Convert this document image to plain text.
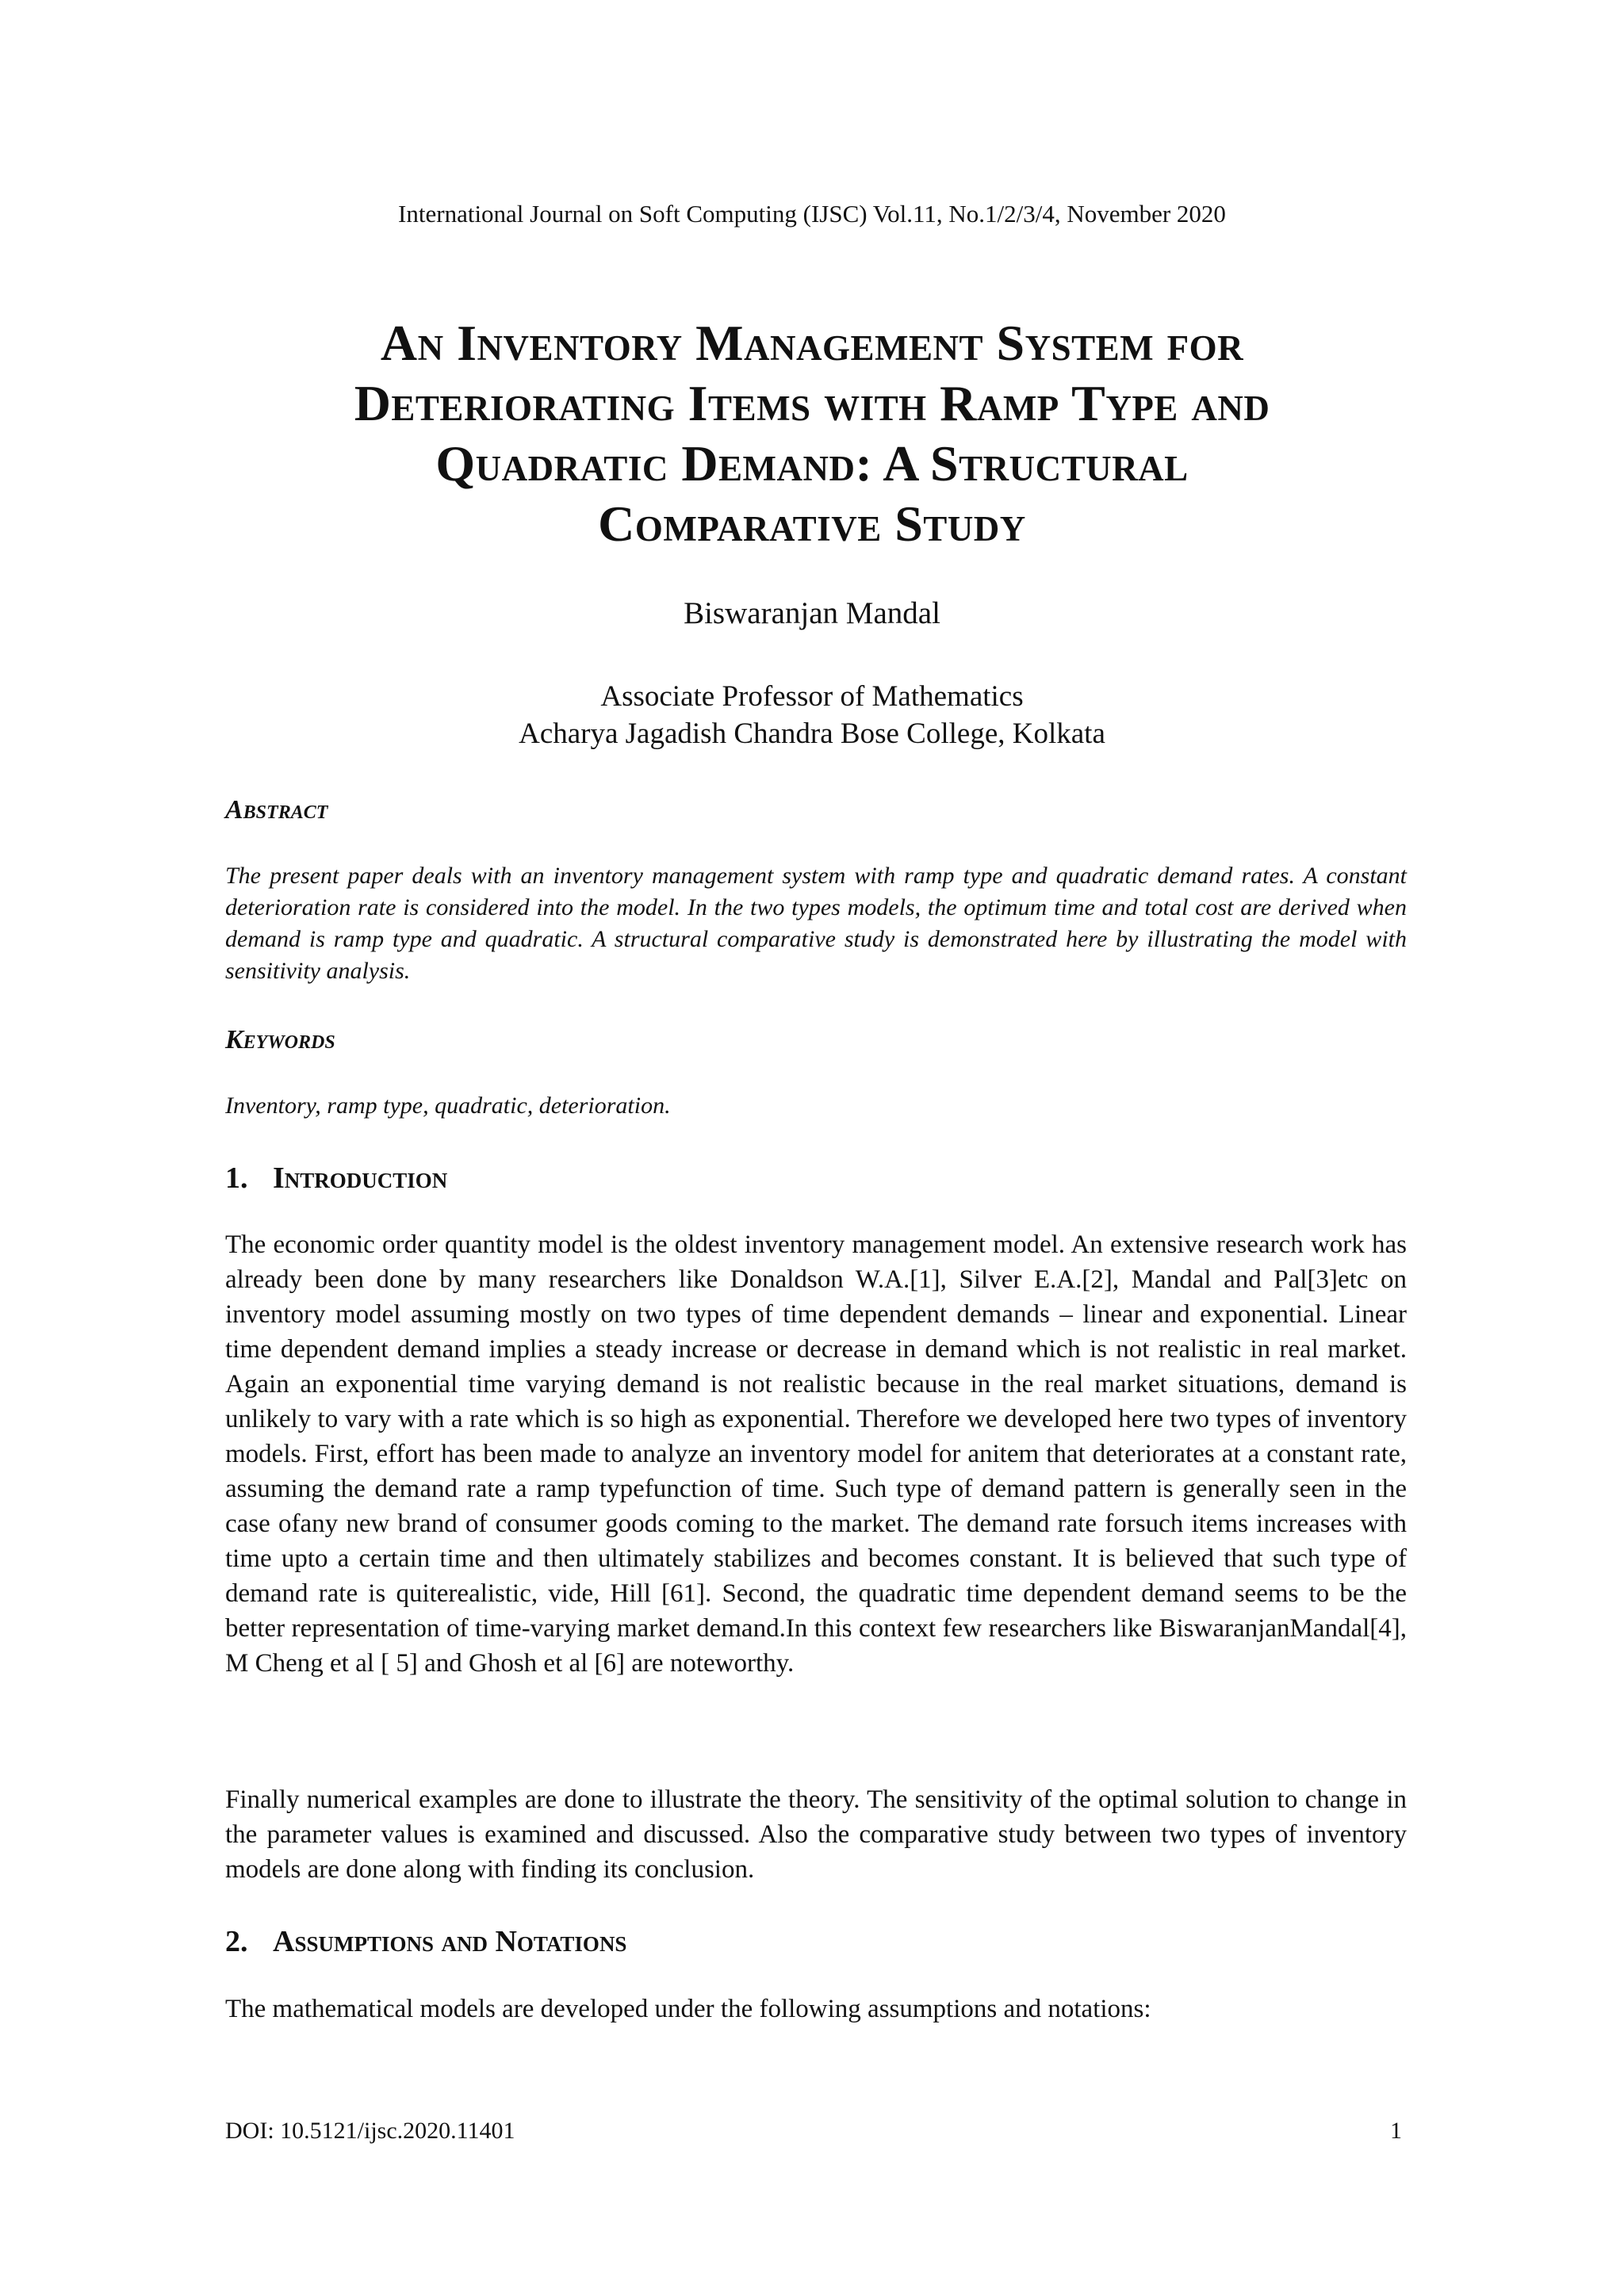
International Journal on Soft Computing (IJSC) Vol.11, No.1/2/3/4, November 2020
An Inventory Management System for
Deteriorating Items with Ramp Type and
Quadratic Demand: A Structural
Comparative Study
Biswaranjan Mandal
Associate Professor of Mathematics
Acharya Jagadish Chandra Bose College, Kolkata
Abstract

The present paper deals with an inventory management system with ramp type and quadratic demand rates. A constant deterioration rate is considered into the model. In the two types models, the optimum time and total cost are derived when demand is ramp type and quadratic. A structural comparative study is demonstrated here by illustrating the model with sensitivity analysis.

Keywords

Inventory, ramp type, quadratic, deterioration.

1. Introduction

The economic order quantity model is the oldest inventory management model. An extensive research work has already been done by many researchers like Donaldson W.A.[1], Silver E.A.[2], Mandal and Pal[3]etc on inventory model assuming mostly on two types of time dependent demands – linear and exponential. Linear time dependent demand implies a steady increase or decrease in demand which is not realistic in real market. Again an exponential time varying demand is not realistic because in the real market situations, demand is unlikely to vary with a rate which is so high as exponential. Therefore we developed here two types of inventory models. First, effort has been made to analyze an inventory model for anitem that deteriorates at a constant rate, assuming the demand rate a ramp typefunction of time. Such type of demand pattern is generally seen in the case ofany new brand of consumer goods coming to the market. The demand rate forsuch items increases with time upto a certain time and then ultimately stabilizes and becomes constant. It is believed that such type of demand rate is quiterealistic, vide, Hill [61]. Second, the quadratic time dependent demand seems to be the better representation of time-varying market demand.In this context few researchers like BiswaranjanMandal[4], M Cheng et al [ 5] and Ghosh et al [6] are noteworthy.

Finally numerical examples are done to illustrate the theory. The sensitivity of the optimal solution to change in the parameter values is examined and discussed. Also the comparative study between two types of inventory models are done along with finding its conclusion.

2. Assumptions and Notations

The mathematical models are developed under the following assumptions and notations:

DOI: 10.5121/ijsc.2020.11401	1
